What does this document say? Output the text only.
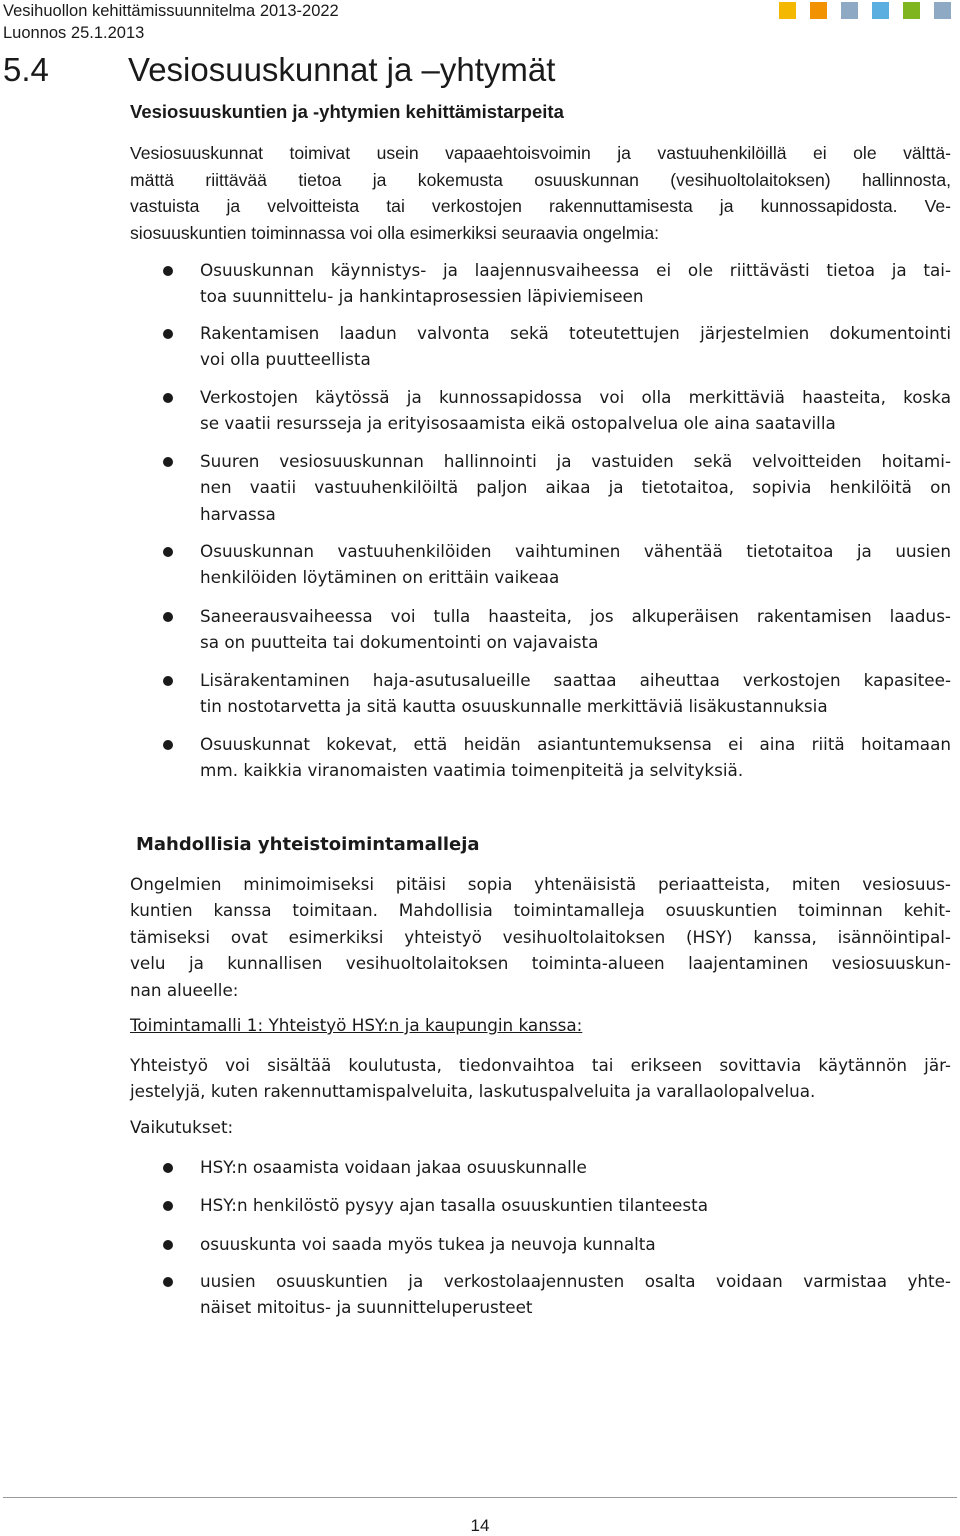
Vesihuollon kehittämissuunnitelma 2013-2022
Luonnos 25.1.2013
5.4 Vesiosuuskunnat ja –yhtymät
Vesiosuuskuntien ja -yhtymien kehittämistarpeita
Vesiosuuskunnat toimivat usein vapaaehtoisvoimin ja vastuuhenkilöillä ei ole välttä-
mättä riittävää tietoa ja kokemusta osuuskunnan (vesihuoltolaitoksen) hallinnosta,
vastuista ja velvoitteista tai verkostojen rakennuttamisesta ja kunnossapidosta. Ve-
siosuuskuntien toiminnassa voi olla esimerkiksi seuraavia ongelmia:
Osuuskunnan käynnistys- ja laajennusvaiheessa ei ole riittävästi tietoa ja tai-
toa suunnittelu- ja hankintaprosessien läpiviemiseen
Rakentamisen laadun valvonta sekä toteutettujen järjestelmien dokumentointi
voi olla puutteellista
Verkostojen käytössä ja kunnossapidossa voi olla merkittäviä haasteita, koska
se vaatii resursseja ja erityisosaamista eikä ostopalvelua ole aina saatavilla
Suuren vesiosuuskunnan hallinnointi ja vastuiden sekä velvoitteiden hoitami-
nen vaatii vastuuhenkilöiltä paljon aikaa ja tietotaitoa, sopivia henkilöitä on
harvassa
Osuuskunnan vastuuhenkilöiden vaihtuminen vähentää tietotaitoa ja uusien
henkilöiden löytäminen on erittäin vaikeaa
Saneerausvaiheessa voi tulla haasteita, jos alkuperäisen rakentamisen laadus-
sa on puutteita tai dokumentointi on vajavaista
Lisärakentaminen haja-asutusalueille saattaa aiheuttaa verkostojen kapasitee-
tin nostotarvetta ja sitä kautta osuuskunnalle merkittäviä lisäkustannuksia
Osuuskunnat kokevat, että heidän asiantuntemuksensa ei aina riitä hoitamaan
mm. kaikkia viranomaisten vaatimia toimenpiteitä ja selvityksiä.
Mahdollisia yhteistoimintamalleja
Ongelmien minimoimiseksi pitäisi sopia yhtenäisistä periaatteista, miten vesiosuus-
kuntien kanssa toimitaan. Mahdollisia toimintamalleja osuuskuntien toiminnan kehit-
tämiseksi ovat esimerkiksi yhteistyö vesihuoltolaitoksen (HSY) kanssa, isännöintipal-
velu ja kunnallisen vesihuoltolaitoksen toiminta-alueen laajentaminen vesiosuuskun-
nan alueelle:
Toimintamalli 1: Yhteistyö HSY:n ja kaupungin kanssa:
Yhteistyö voi sisältää koulutusta, tiedonvaihtoa tai erikseen sovittavia käytännön jär-
jestelyjä, kuten rakennuttamispalveluita, laskutuspalveluita ja varallaolopalvelua.
Vaikutukset:
HSY:n osaamista voidaan jakaa osuuskunnalle
HSY:n henkilöstö pysyy ajan tasalla osuuskuntien tilanteesta
osuuskunta voi saada myös tukea ja neuvoja kunnalta
uusien osuuskuntien ja verkostolaajennusten osalta voidaan varmistaa yhte-
näiset mitoitus- ja suunnitteluperusteet
14
